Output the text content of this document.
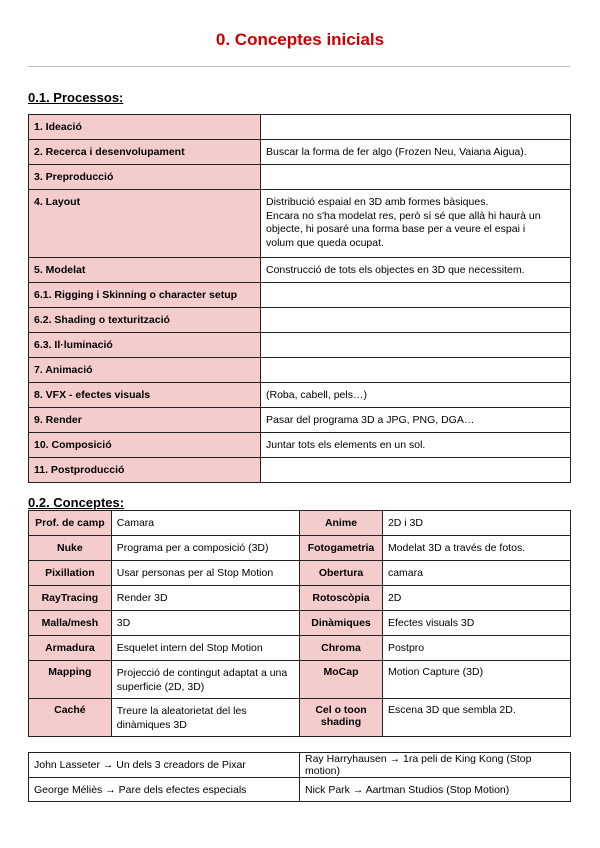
0. Conceptes inicials
0.1. Processos:
1. Ideació	
2. Recerca i desenvolupament	Buscar la forma de fer algo (Frozen Neu, Vaiana Aigua).
3. Preproducció	
4. Layout	Distribució espaial en 3D amb formes bàsiques.
Encara no s'ha modelat res, però sí sé que allà hi haurà un
objecte, hi posaré una forma base per a veure el espai i
volum que queda ocupat.

5. Modelat	Construcció de tots els objectes en 3D que necessitem.
6.1. Rigging i Skinning o character setup	
6.2. Shading o texturització	
6.3. Il·luminació	
7. Animació	
8. VFX - efectes visuals	(Roba, cabell, pels…)
9. Render	Pasar del programa 3D a JPG, PNG, DGA…
10. Composició	Juntar tots els elements en un sol.
11. Postproducció	
0.2. Conceptes:
Prof. de camp	Camara	Anime	2D i 3D
Nuke	Programa per a composició (3D)	Fotogametria	Modelat 3D a través de fotos.
Pixillation	Usar personas per al Stop Motion	Obertura	camara
RayTracing	Render 3D	Rotoscòpia	2D
Malla/mesh	3D	Dinàmiques	Efectes visuals 3D
Armadura	Esquelet intern del Stop Motion	Chroma	Postpro
Mapping	Projecció de contingut adaptat a una superficie (2D, 3D)	MoCap	Motion Capture (3D)
Caché	Treure la aleatorietat del les dinàmiques 3D	Cel o toon shading	Escena 3D que sembla 2D.
John Lasseter → Un dels 3 creadors de Pixar	Ray Harryhausen → 1ra peli de King Kong (Stop motion)
George Méliès → Pare dels efectes especials	Nick Park → Aartman Studios (Stop Motion)
